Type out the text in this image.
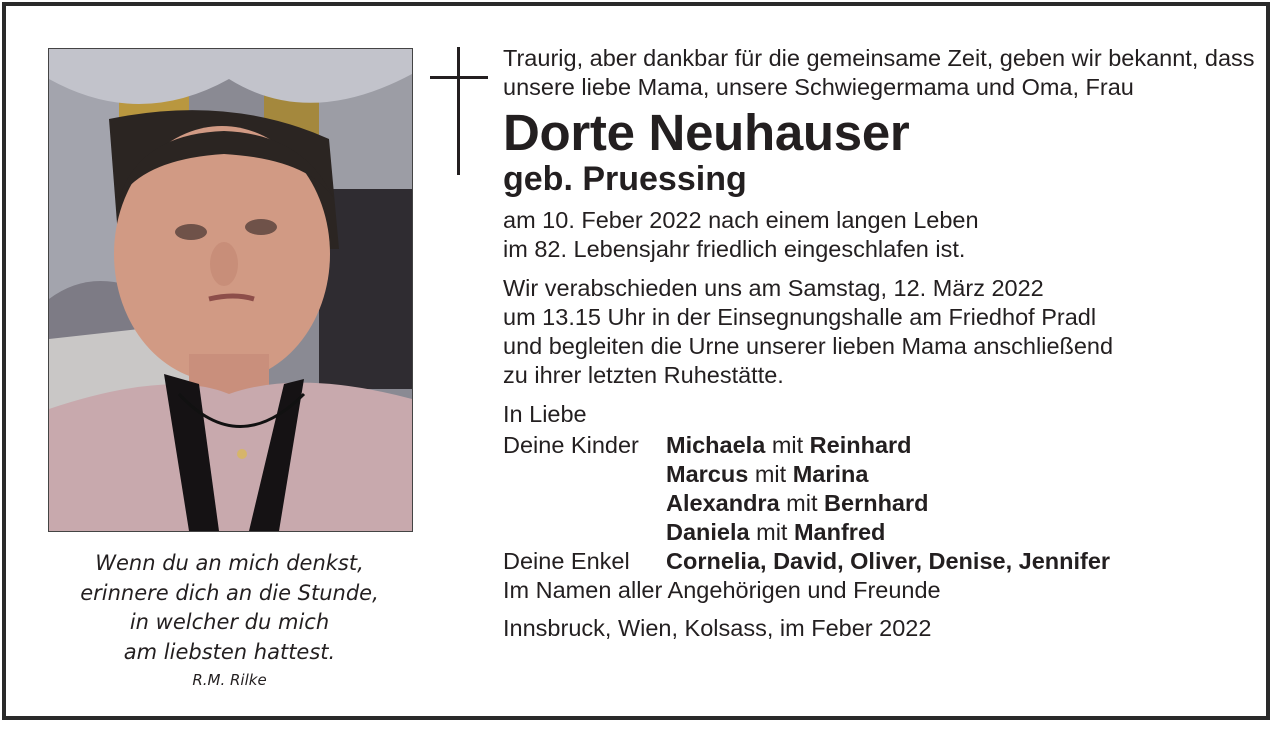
Wenn du an mich denkst,
erinnere dich an die Stunde,
in welcher du mich
am liebsten hattest.
R.M. Rilke
Traurig, aber dankbar für die gemeinsame Zeit, geben wir bekannt, dass unsere liebe Mama, unsere Schwiegermama und Oma, Frau
Dorte Neuhauser
geb. Pruessing
am 10. Feber 2022 nach einem langen Leben
im 82. Lebensjahr friedlich eingeschlafen ist.
Wir verabschieden uns am Samstag, 12. März 2022
um 13.15 Uhr in der Einsegnungshalle am Friedhof Pradl
und begleiten die Urne unserer lieben Mama anschließend
zu ihrer letzten Ruhestätte.
In Liebe
Deine Kinder	Michaela mit Reinhard
Marcus mit Marina
Alexandra mit Bernhard
Daniela mit Manfred
Deine Enkel	Cornelia, David, Oliver, Denise, Jennifer
Im Namen aller Angehörigen und Freunde
Innsbruck, Wien, Kolsass, im Feber 2022
